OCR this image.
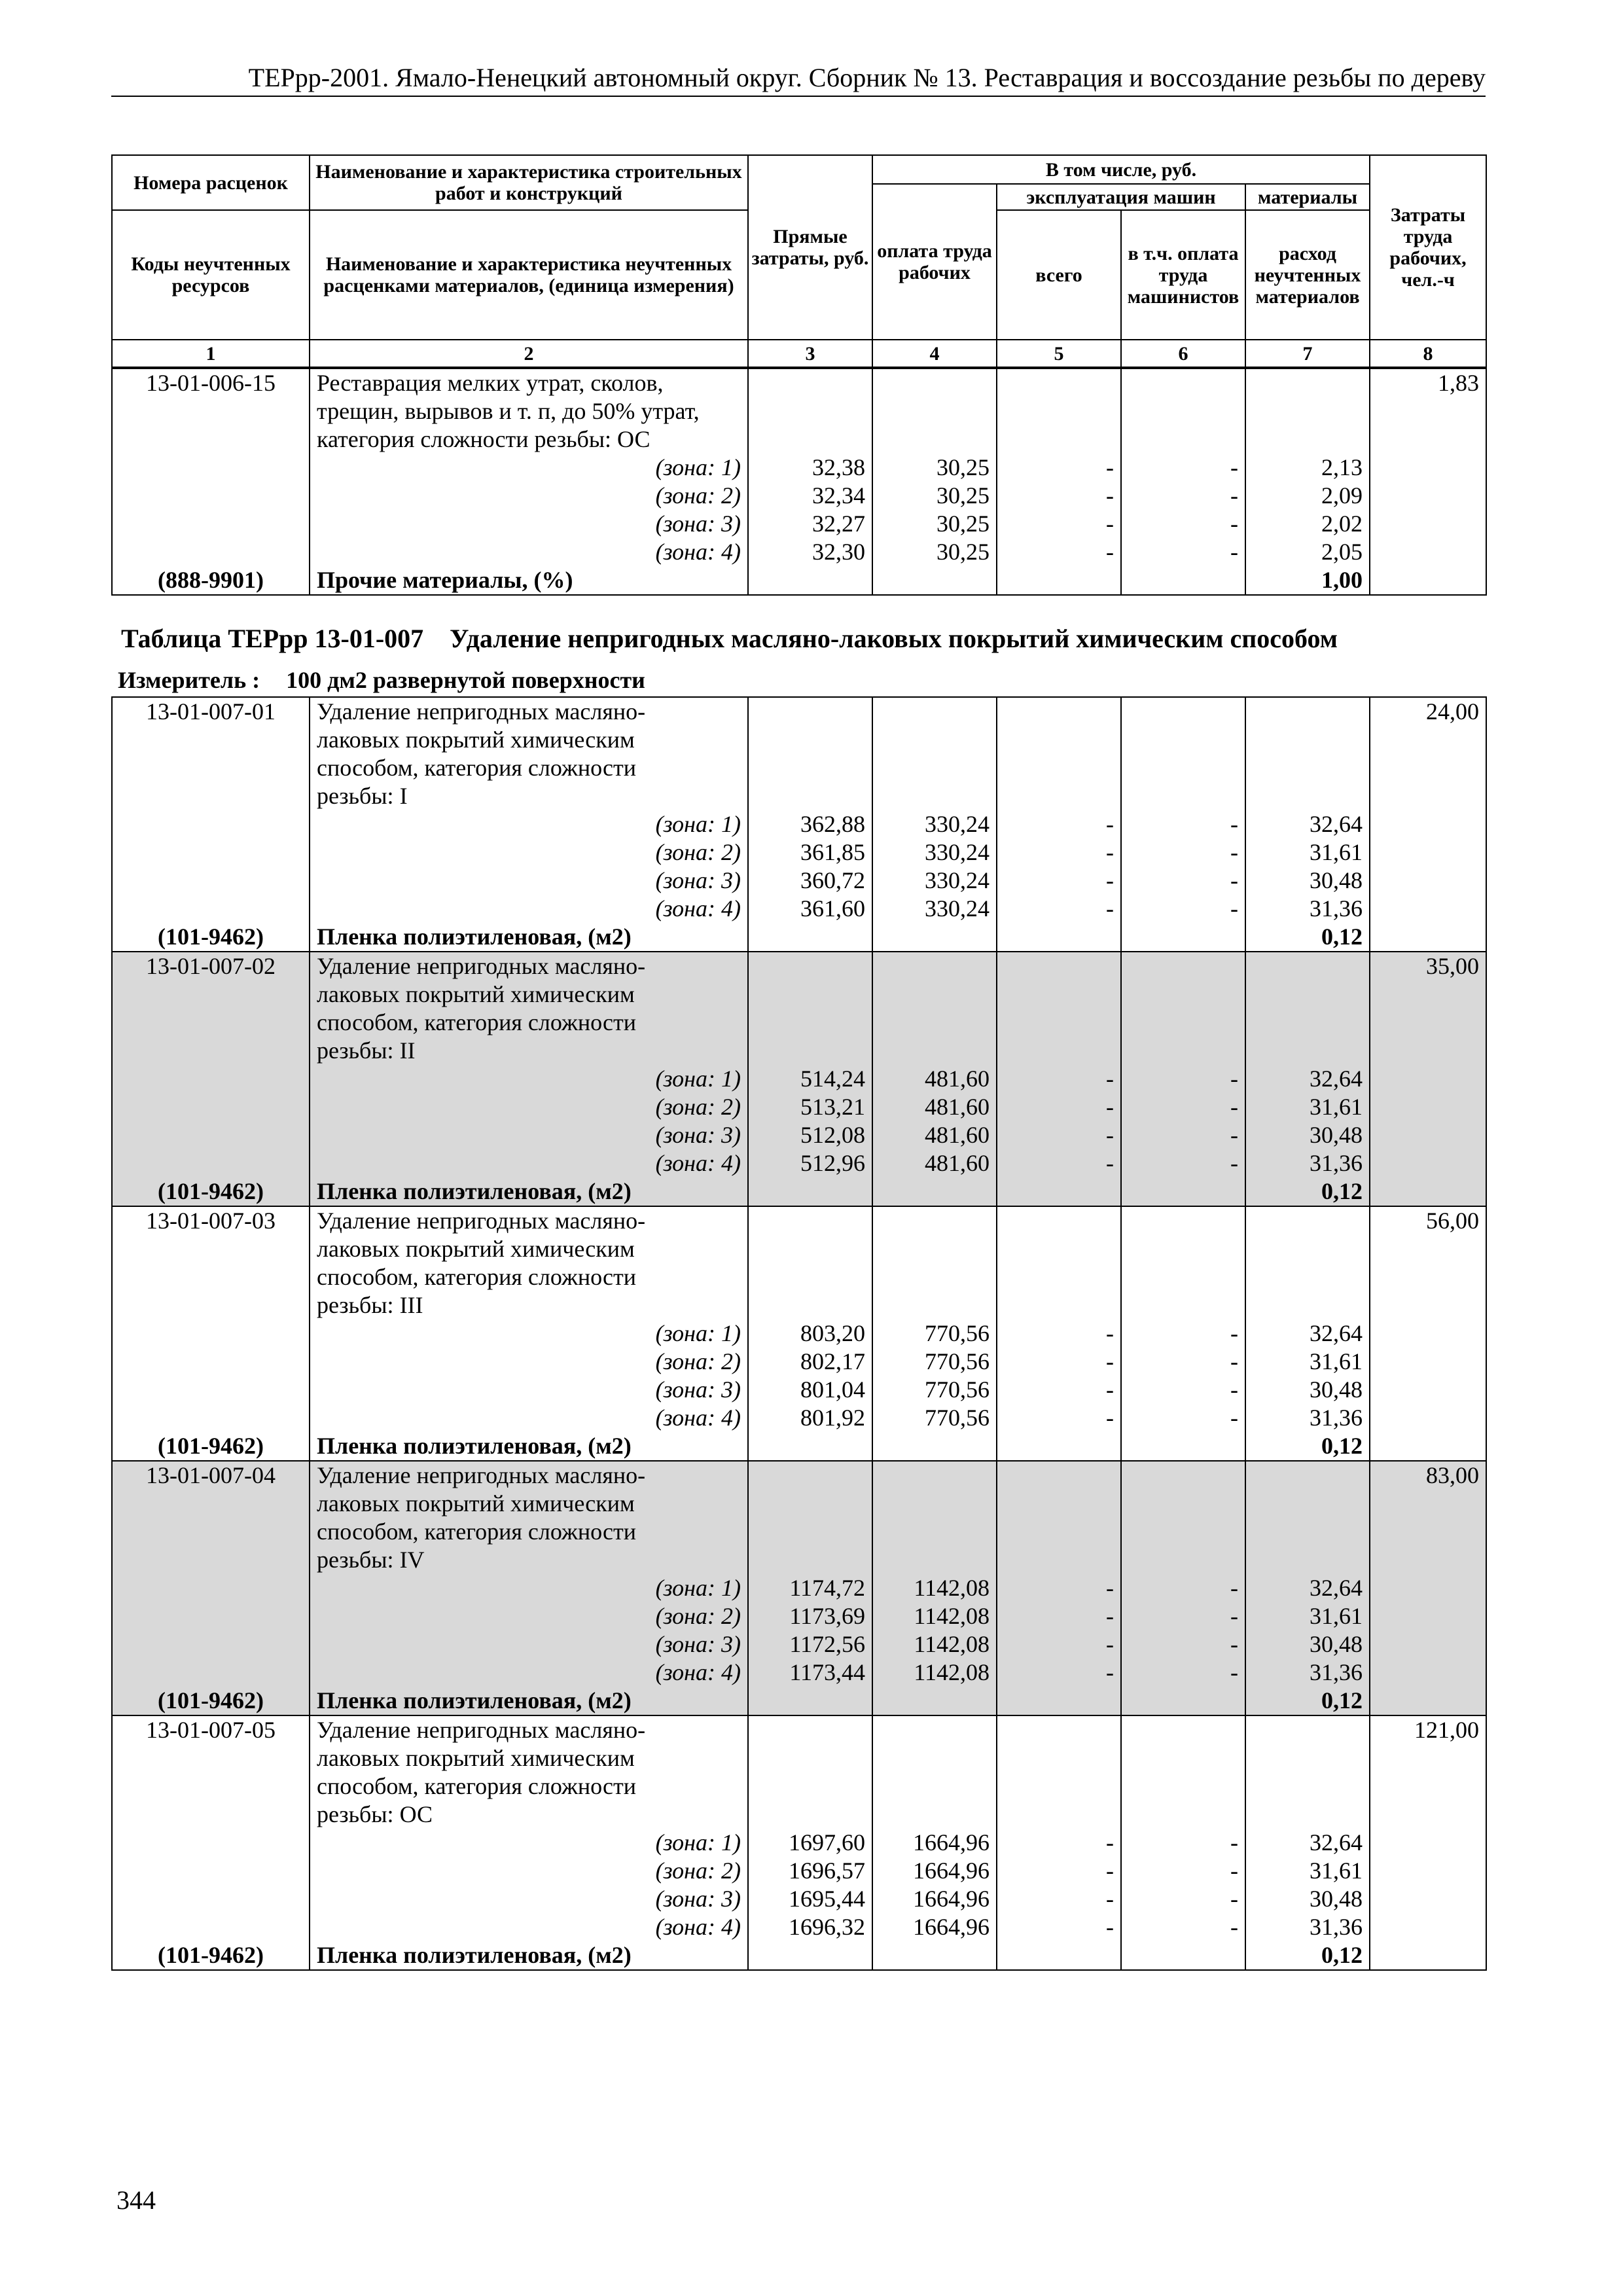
ТЕРрр-2001. Ямало-Ненецкий автономный округ. Сборник № 13. Реставрация и воссоздание резьбы по дереву
Номера расценок	Наименование и характеристика строительных работ и конструкций	Прямые затраты, руб.	В том числе, руб.				Затраты труда рабочих, чел.-ч
			оплата труда рабочих	эксплуатация машин		материалы	
Коды неучтенных ресурсов	Наименование и характеристика неучтенных расценками материалов, (единица измерения)			всего	в т.ч. оплата труда машинистов	расход неучтенных материалов	
1	2	3	4	5	6	7	8
13-01-006-15	Реставрация мелких утрат, сколов,						1,83
	трещин, вырывов и т. п, до 50% утрат,						
	категория сложности резьбы: ОС						
	(зона: 1)	32,38	30,25	-	-	2,13	
	(зона: 2)	32,34	30,25	-	-	2,09	
	(зона: 3)	32,27	30,25	-	-	2,02	
	(зона: 4)	32,30	30,25	-	-	2,05	
(888-9901)	Прочие материалы, (%)					1,00	
Таблица ТЕРрр 13-01-007 Удаление непригодных масляно-лаковых покрытий химическим способом
Измеритель : 100 дм2 развернутой поверхности
13-01-007-01	Удаление непригодных масляно-						24,00
	лаковых покрытий химическим						
	способом, категория сложности						
	резьбы: I						
	(зона: 1)	362,88	330,24	-	-	32,64	
	(зона: 2)	361,85	330,24	-	-	31,61	
	(зона: 3)	360,72	330,24	-	-	30,48	
	(зона: 4)	361,60	330,24	-	-	31,36	
(101-9462)	Пленка полиэтиленовая, (м2)					0,12	
13-01-007-02	Удаление непригодных масляно-						35,00
	лаковых покрытий химическим						
	способом, категория сложности						
	резьбы: II						
	(зона: 1)	514,24	481,60	-	-	32,64	
	(зона: 2)	513,21	481,60	-	-	31,61	
	(зона: 3)	512,08	481,60	-	-	30,48	
	(зона: 4)	512,96	481,60	-	-	31,36	
(101-9462)	Пленка полиэтиленовая, (м2)					0,12	
13-01-007-03	Удаление непригодных масляно-						56,00
	лаковых покрытий химическим						
	способом, категория сложности						
	резьбы: III						
	(зона: 1)	803,20	770,56	-	-	32,64	
	(зона: 2)	802,17	770,56	-	-	31,61	
	(зона: 3)	801,04	770,56	-	-	30,48	
	(зона: 4)	801,92	770,56	-	-	31,36	
(101-9462)	Пленка полиэтиленовая, (м2)					0,12	
13-01-007-04	Удаление непригодных масляно-						83,00
	лаковых покрытий химическим						
	способом, категория сложности						
	резьбы: IV						
	(зона: 1)	1174,72	1142,08	-	-	32,64	
	(зона: 2)	1173,69	1142,08	-	-	31,61	
	(зона: 3)	1172,56	1142,08	-	-	30,48	
	(зона: 4)	1173,44	1142,08	-	-	31,36	
(101-9462)	Пленка полиэтиленовая, (м2)					0,12	
13-01-007-05	Удаление непригодных масляно-						121,00
	лаковых покрытий химическим						
	способом, категория сложности						
	резьбы: ОС						
	(зона: 1)	1697,60	1664,96	-	-	32,64	
	(зона: 2)	1696,57	1664,96	-	-	31,61	
	(зона: 3)	1695,44	1664,96	-	-	30,48	
	(зона: 4)	1696,32	1664,96	-	-	31,36	
(101-9462)	Пленка полиэтиленовая, (м2)					0,12	
344
